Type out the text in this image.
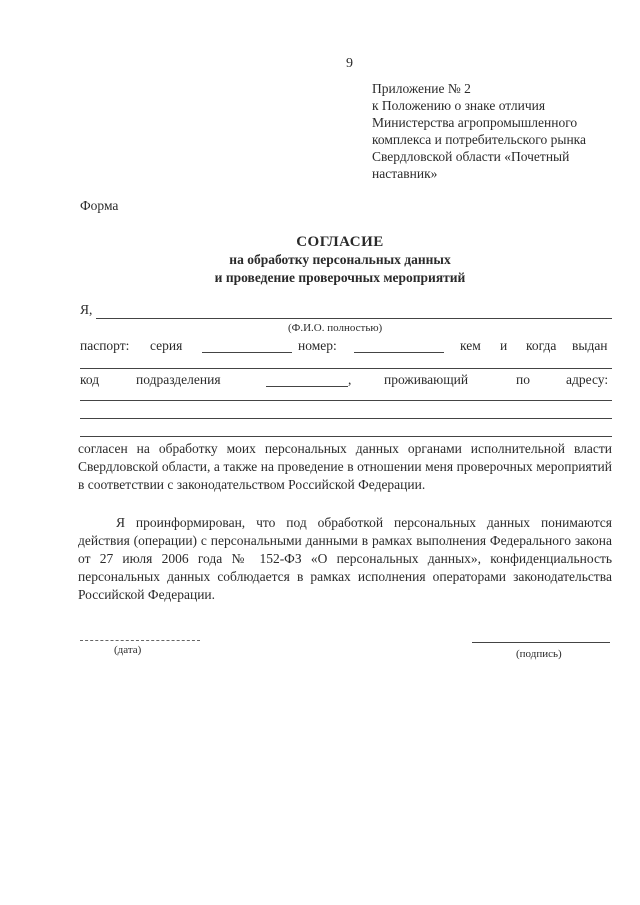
9
Приложение № 2
к Положению о знаке отличия
Министерства агропромышленного
комплекса и потребительского рынка
Свердловской области «Почетный
наставник»
Форма
СОГЛАСИЕ
на обработку персональных данных
и проведение проверочных мероприятий
Я,
(Ф.И.О. полностью)
паспорт: серия	номер:	кем и когда выдан
код	подразделения	, проживающий	по	адресу:
согласен на обработку моих персональных данных органами исполнительной власти Свердловской области, а также на проведение в отношении меня проверочных мероприятий в соответствии с законодательством Российской Федерации.
Я проинформирован, что под обработкой персональных данных понимаются действия (операции) с персональными данными в рамках выполнения Федерального закона от 27 июля 2006 года № 152-ФЗ «О персональных данных», конфиденциальность персональных данных соблюдается в рамках исполнения операторами законодательства Российской Федерации.
(дата)	(подпись)
